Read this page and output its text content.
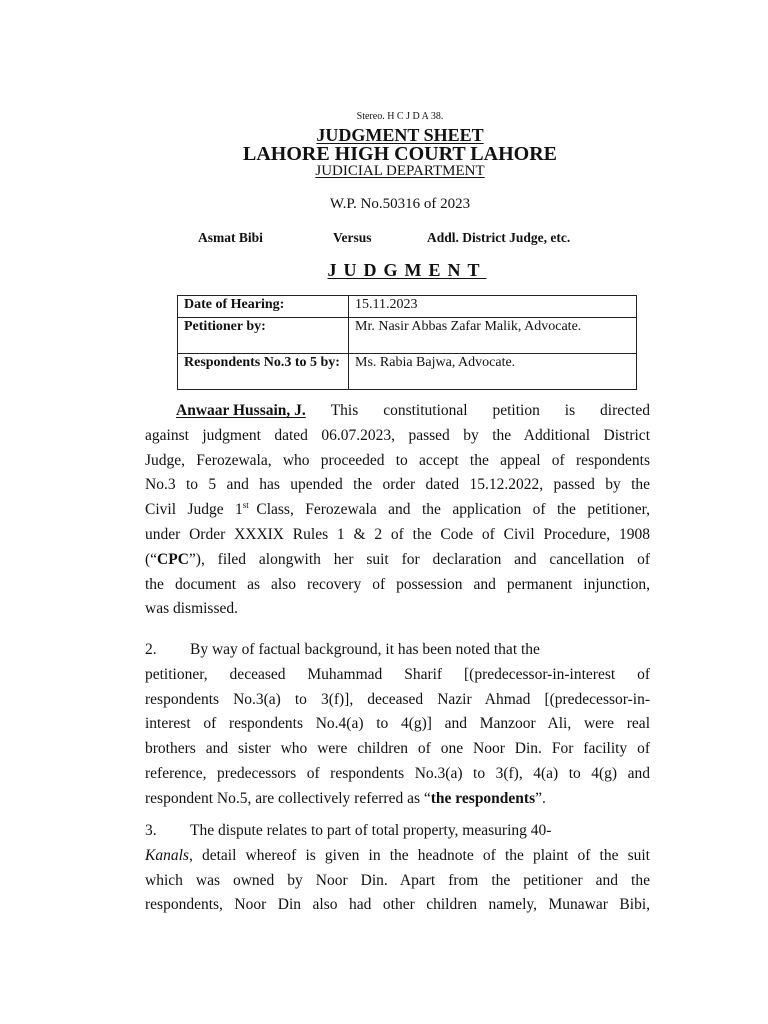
Stereo. H C J D A 38.
JUDGMENT SHEET
LAHORE HIGH COURT LAHORE
JUDICIAL DEPARTMENT
W.P. No.50316 of 2023
Asmat Bibi	Versus	Addl. District Judge, etc.
JUDGMENT
Date of Hearing:	15.11.2023
Petitioner by:	Mr. Nasir Abbas Zafar Malik, Advocate.
Respondents No.3 to 5 by:	Ms. Rabia Bajwa, Advocate.
Anwaar Hussain, J. This constitutional petition is directed
against judgment dated 06.07.2023, passed by the Additional District
Judge, Ferozewala, who proceeded to accept the appeal of respondents
No.3 to 5 and has upended the order dated 15.12.2022, passed by the
Civil Judge 1st Class, Ferozewala and the application of the petitioner,
under Order XXXIX Rules 1 & 2 of the Code of Civil Procedure, 1908
(“CPC”), filed alongwith her suit for declaration and cancellation of
the document as also recovery of possession and permanent injunction,
was dismissed.
2.	By way of factual background, it has been noted that the
petitioner, deceased Muhammad Sharif [(predecessor-in-interest of
respondents No.3(a) to 3(f)], deceased Nazir Ahmad [(predecessor-in-
interest of respondents No.4(a) to 4(g)] and Manzoor Ali, were real
brothers and sister who were children of one Noor Din. For facility of
reference, predecessors of respondents No.3(a) to 3(f), 4(a) to 4(g) and
respondent No.5, are collectively referred as “the respondents”.
3.	The dispute relates to part of total property, measuring 40-
Kanals, detail whereof is given in the headnote of the plaint of the suit
which was owned by Noor Din. Apart from the petitioner and the
respondents, Noor Din also had other children namely, Munawar Bibi,
